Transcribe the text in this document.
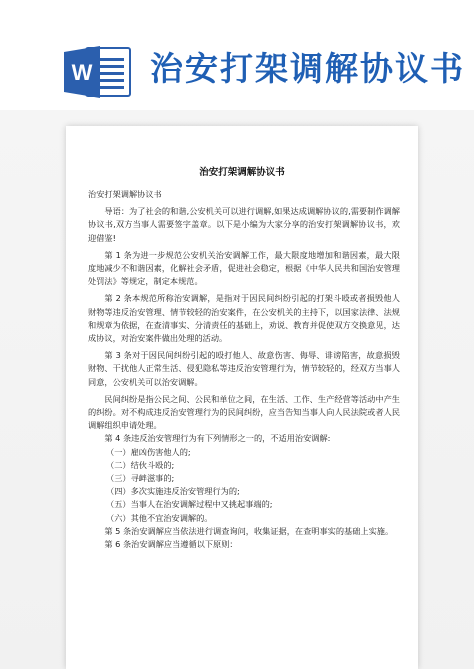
W 治安打架调解协议书
治安打架调解协议书

治安打架调解协议书

导语：为了社会的和谐,公安机关可以进行调解,如果达成调解协议的,需要制作调解协议书,双方当事人需要签字盖章。以下是小编为大家分享的治安打架调解协议书，欢迎借鉴!

第 1 条为进一步规范公安机关治安调解工作，最大限度地增加和谐因素，最大限度地减少不和谐因素，化解社会矛盾，促进社会稳定，根据《中华人民共和国治安管理处罚法》等规定，制定本规范。

第 2 条本规范所称治安调解，是指对于因民间纠纷引起的打架斗殴或者损毁他人财物等违反治安管理、情节较轻的治安案件，在公安机关的主持下，以国家法律、法规和规章为依据，在查清事实、分清责任的基础上，劝说、教育并促使双方交换意见，达成协议，对治安案件做出处理的活动。

第 3 条对于因民间纠纷引起的殴打他人、故意伤害、侮辱、诽谤陷害，故意损毁财物、干扰他人正常生活、侵犯隐私等违反治安管理行为，情节较轻的，经双方当事人同意，公安机关可以治安调解。

民间纠纷是指公民之间、公民和单位之间，在生活、工作、生产经营等活动中产生的纠纷。对不构成违反治安管理行为的民间纠纷，应当告知当事人向人民法院或者人民调解组织申请处理。

第 4 条违反治安管理行为有下列情形之一的，不适用治安调解:

（一）雇凶伤害他人的;

（二）结伙斗殴的;

（三）寻衅滋事的;

（四）多次实施违反治安管理行为的;

（五）当事人在治安调解过程中又挑起事端的;

（六）其他不宜治安调解的。

第 5 条治安调解应当依法进行调查询问，收集证据，在查明事实的基础上实施。

第 6 条治安调解应当遵循以下原则：
